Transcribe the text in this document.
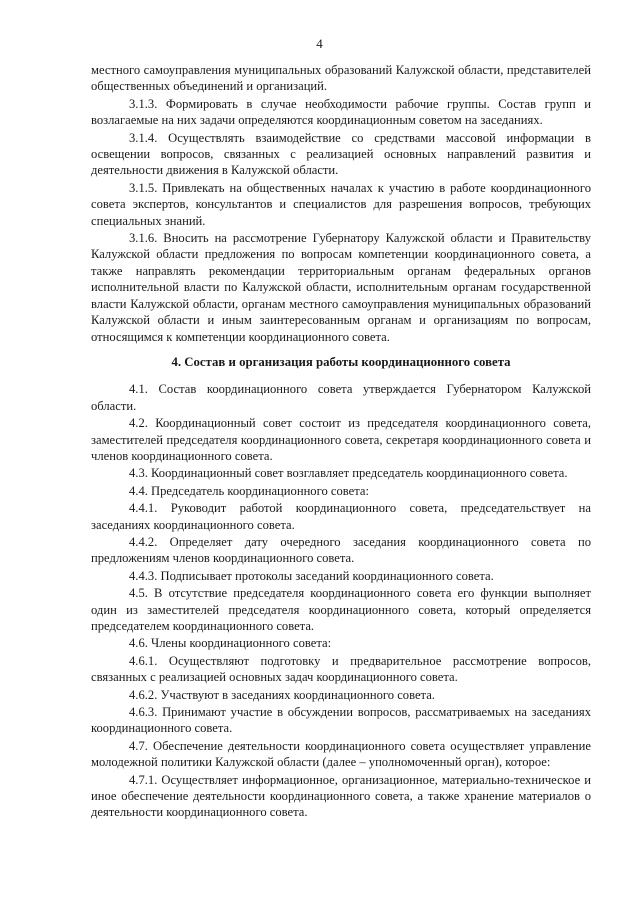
4

местного самоуправления муниципальных образований Калужской области, представителей общественных объединений и организаций.

3.1.3. Формировать в случае необходимости рабочие группы. Состав групп и возлагаемые на них задачи определяются координационным советом на заседаниях.

3.1.4. Осуществлять взаимодействие со средствами массовой информации в освещении вопросов, связанных с реализацией основных направлений развития и деятельности движения в Калужской области.

3.1.5. Привлекать на общественных началах к участию в работе координационного совета экспертов, консультантов и специалистов для разрешения вопросов, требующих специальных знаний.

3.1.6. Вносить на рассмотрение Губернатору Калужской области и Правительству Калужской области предложения по вопросам компетенции координационного совета, а также направлять рекомендации территориальным органам федеральных органов исполнительной власти по Калужской области, исполнительным органам государственной власти Калужской области, органам местного самоуправления муниципальных образований Калужской области и иным заинтересованным органам и организациям по вопросам, относящимся к компетенции координационного совета.

4. Состав и организация работы координационного совета

4.1. Состав координационного совета утверждается Губернатором Калужской области.

4.2. Координационный совет состоит из председателя координационного совета, заместителей председателя координационного совета, секретаря координационного совета и членов координационного совета.

4.3. Координационный совет возглавляет председатель координационного совета.

4.4. Председатель координационного совета:

4.4.1. Руководит работой координационного совета, председательствует на заседаниях координационного совета.

4.4.2. Определяет дату очередного заседания координационного совета по предложениям членов координационного совета.

4.4.3. Подписывает протоколы заседаний координационного совета.

4.5. В отсутствие председателя координационного совета его функции выполняет один из заместителей председателя координационного совета, который определяется председателем координационного совета.

4.6. Члены координационного совета:

4.6.1. Осуществляют подготовку и предварительное рассмотрение вопросов, связанных с реализацией основных задач координационного совета.

4.6.2. Участвуют в заседаниях координационного совета.

4.6.3. Принимают участие в обсуждении вопросов, рассматриваемых на заседаниях координационного совета.

4.7. Обеспечение деятельности координационного совета осуществляет управление молодежной политики Калужской области (далее – уполномоченный орган), которое:

4.7.1. Осуществляет информационное, организационное, материально-техническое и иное обеспечение деятельности координационного совета, а также хранение материалов о деятельности координационного совета.
